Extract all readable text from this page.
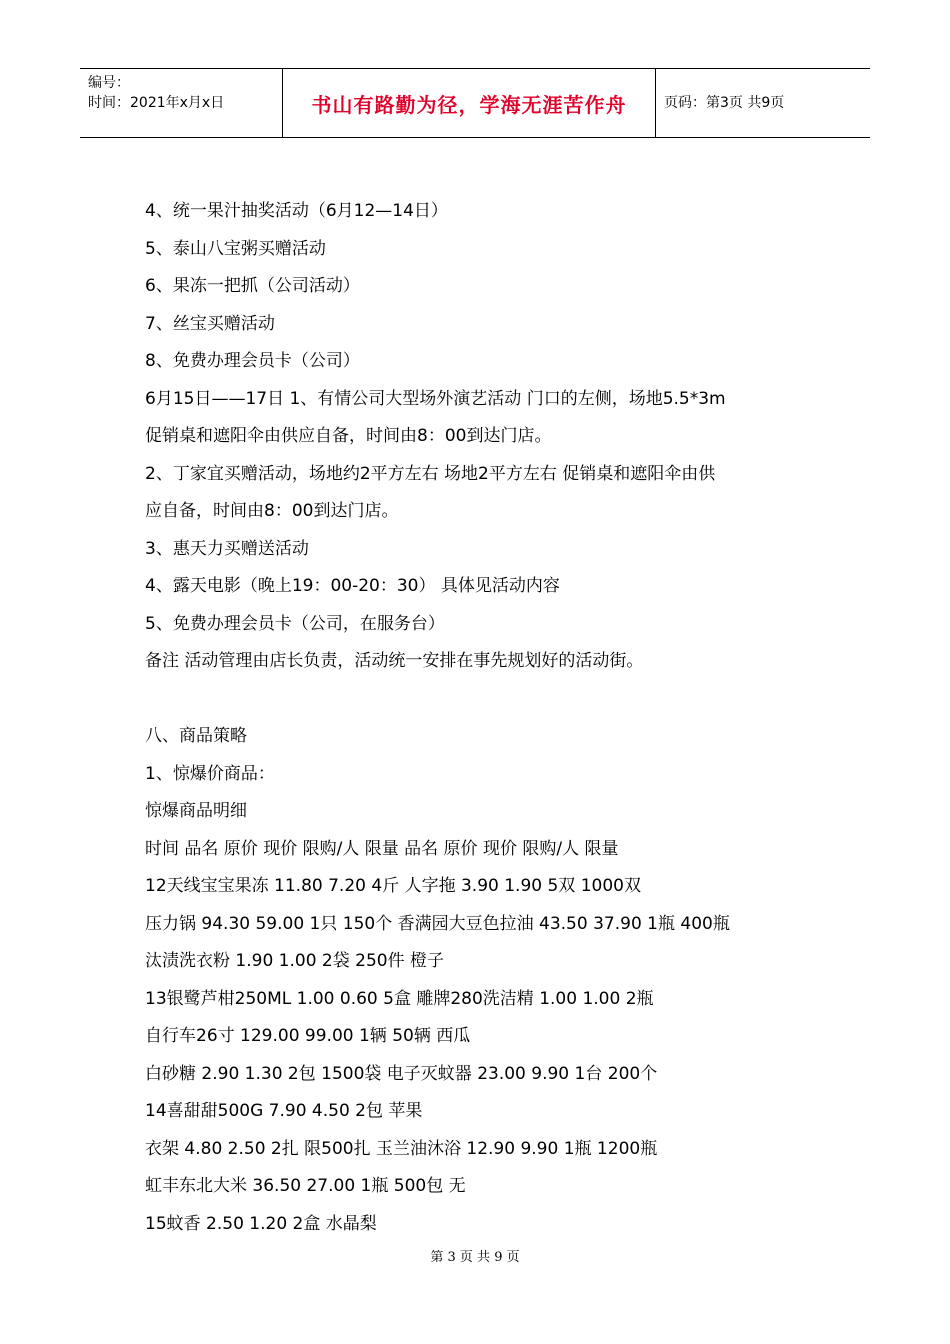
编号：
时间：2021年x月x日	书山有路勤为径，学海无涯苦作舟	页码：第3页 共9页
4、统一果汁抽奖活动（6月12—14日）
5、泰山八宝粥买赠活动
6、果冻一把抓（公司活动）
7、丝宝买赠活动
8、免费办理会员卡（公司）
6月15日——17日 1、有情公司大型场外演艺活动 门口的左侧，场地5.5*3m
促销桌和遮阳伞由供应自备，时间由8：00到达门店。
2、丁家宜买赠活动，场地约2平方左右 场地2平方左右 促销桌和遮阳伞由供
应自备，时间由8：00到达门店。
3、惠天力买赠送活动
4、露天电影（晚上19：00-20：30） 具体见活动内容
5、免费办理会员卡（公司，在服务台）
备注 活动管理由店长负责，活动统一安排在事先规划好的活动街。
八、商品策略
1、惊爆价商品：
惊爆商品明细
时间 品名 原价 现价 限购/人 限量 品名 原价 现价 限购/人 限量
12天线宝宝果冻 11.80 7.20 4斤 人字拖 3.90 1.90 5双 1000双
压力锅 94.30 59.00 1只 150个 香满园大豆色拉油 43.50 37.90 1瓶 400瓶
汰渍洗衣粉 1.90 1.00 2袋 250件 橙子
13银鹭芦柑250ML 1.00 0.60 5盒 雕牌280洗洁精 1.00 1.00 2瓶
自行车26寸 129.00 99.00 1辆 50辆 西瓜
白砂糖 2.90 1.30 2包 1500袋 电子灭蚊器 23.00 9.90 1台 200个
14喜甜甜500G 7.90 4.50 2包 苹果
衣架 4.80 2.50 2扎 限500扎 玉兰油沐浴 12.90 9.90 1瓶 1200瓶
虹丰东北大米 36.50 27.00 1瓶 500包 无
15蚊香 2.50 1.20 2盒 水晶梨
第 3 页 共 9 页
